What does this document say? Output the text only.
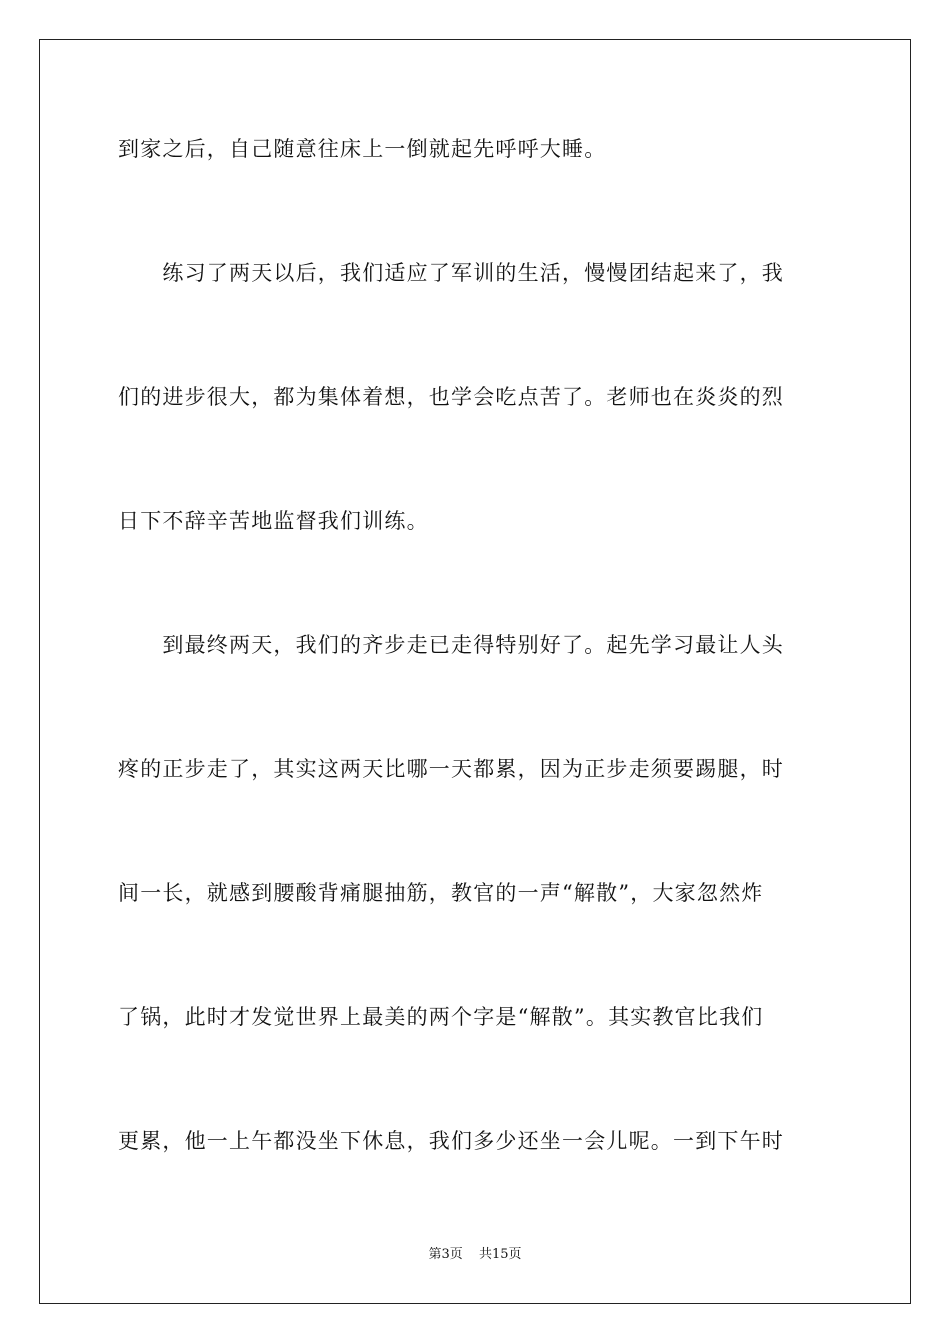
到家之后，自己随意往床上一倒就起先呼呼大睡。
　　练习了两天以后，我们适应了军训的生活，慢慢团结起来了，我
们的进步很大，都为集体着想，也学会吃点苦了。老师也在炎炎的烈
日下不辞辛苦地监督我们训练。
　　到最终两天，我们的齐步走已走得特别好了。起先学习最让人头
疼的正步走了，其实这两天比哪一天都累，因为正步走须要踢腿，时
间一长，就感到腰酸背痛腿抽筋，教官的一声“解散”，大家忽然炸
了锅，此时才发觉世界上最美的两个字是“解散”。其实教官比我们
更累，他一上午都没坐下休息，我们多少还坐一会儿呢。一到下午时
第3页 共15页
